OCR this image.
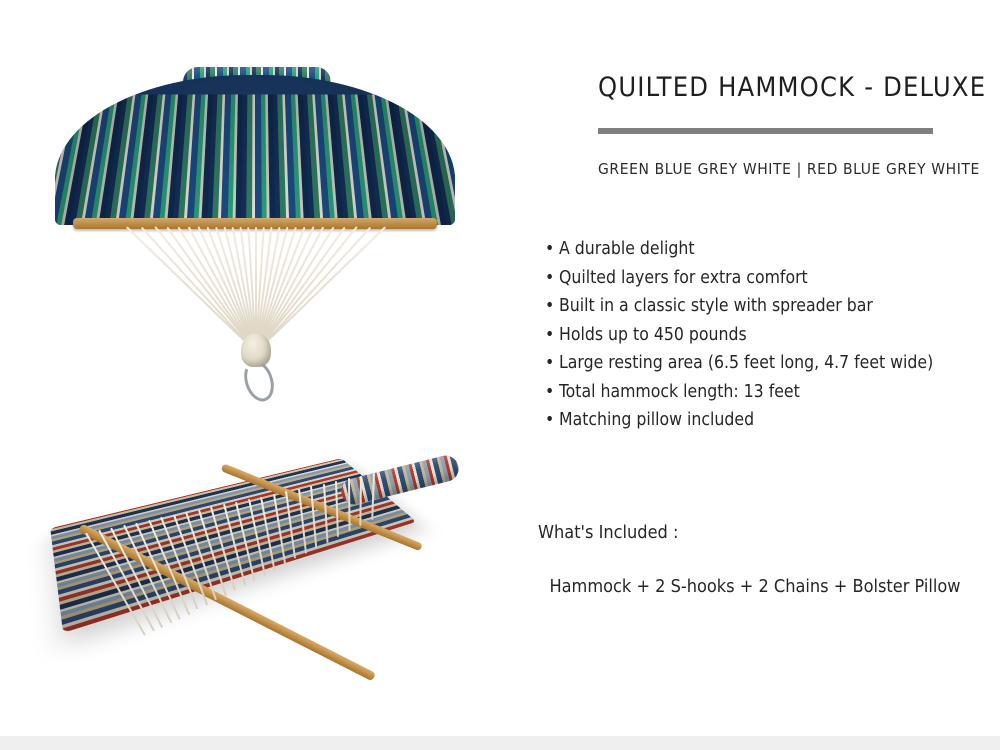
QUILTED HAMMOCK - DELUXE
GREEN BLUE GREY WHITE | RED BLUE GREY WHITE
• A durable delight
• Quilted layers for extra comfort
• Built in a classic style with spreader bar
• Holds up to 450 pounds
• Large resting area (6.5 feet long, 4.7 feet wide)
• Total hammock length: 13 feet
• Matching pillow included
What's Included :
Hammock + 2 S-hooks + 2 Chains + Bolster Pillow
